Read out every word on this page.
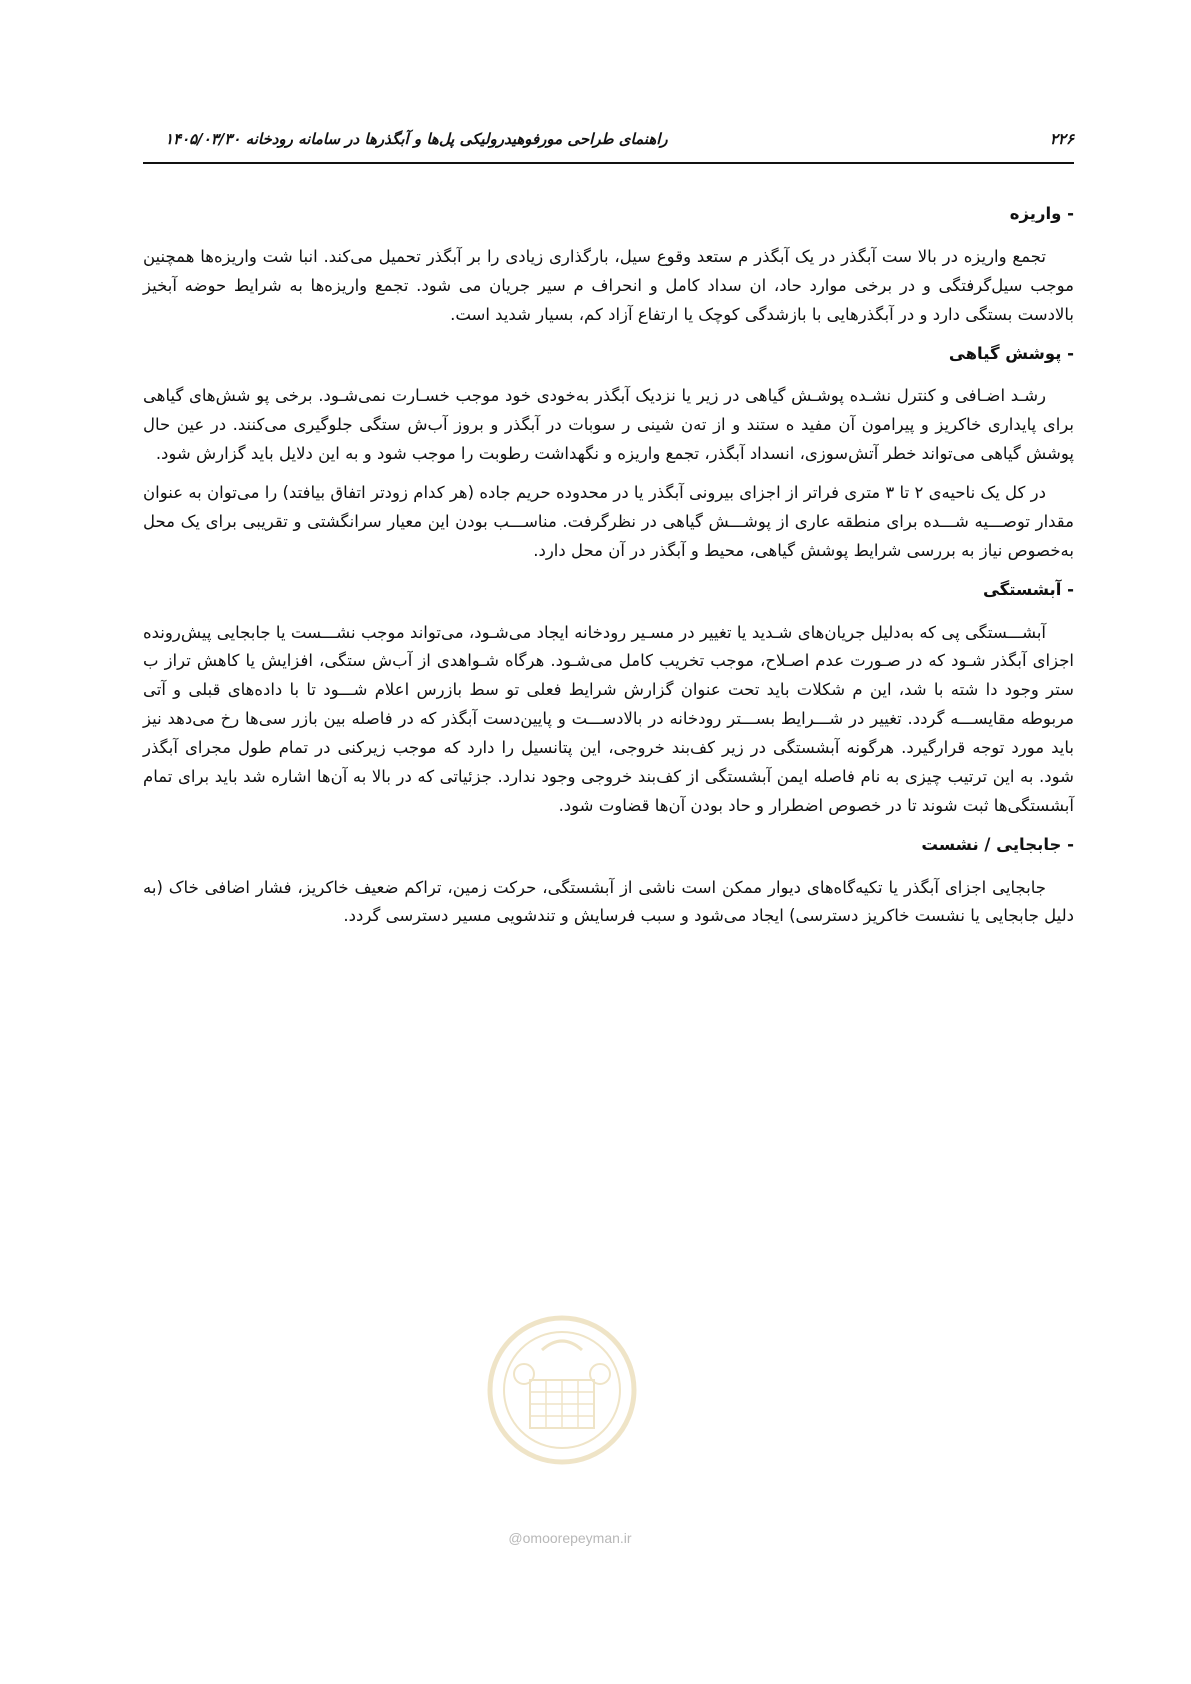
۲۲۶
راهنمای طراحی مورفوهیدرولیکی پل‌ها و آبگذرها در سامانه رودخانه ۱۴۰۵/۰۳/۳۰
- واریزه

تجمع واریزه در بالا ست آبگذر در یک آبگذر م ستعد وقوع سیل، بارگذاری زیادی را بر آبگذر تحمیل می‌کند. انبا شت واریزه‌ها همچنین موجب سیل‌گرفتگی و در برخی موارد حاد، ان سداد کامل و انحراف م سیر جریان می شود. تجمع واریزه‌ها به شرایط حوضه آبخیز بالادست بستگی دارد و در آبگذرهایی با بازشدگی کوچک یا ارتفاع آزاد کم، بسیار شدید است.

- پوشش گیاهی

رشـد اضـافی و کنترل نشـده پوشـش گیاهی در زیر یا نزدیک آبگذر به‌خودی خود موجب خسـارت نمی‌شـود. برخی پو شش‌های گیاهی برای پایداری خاکریز و پیرامون آن مفید ه ستند و از ته‌ن شینی ر سوبات در آبگذر و بروز آب‌ش ستگی جلوگیری می‌کنند. در عین حال پوشش گیاهی می‌تواند خطر آتش‌سوزی، انسداد آبگذر، تجمع واریزه و نگهداشت رطوبت را موجب شود و به این دلایل باید گزارش شود.

در کل یک ناحیه‌ی ۲ تا ۳ متری فراتر از اجزای بیرونی آبگذر یا در محدوده حریم جاده (هر کدام زودتر اتفاق بیافتد) را می‌توان به عنوان مقدار توصـــیه شـــده برای منطقه عاری از پوشـــش گیاهی در نظرگرفت. مناســـب بودن این معیار سرانگشتی و تقریبی برای یک محل به‌خصوص نیاز به بررسی شرایط پوشش گیاهی، محیط و آبگذر در آن محل دارد.

- آبشستگی

آبشـــستگی پی که به‌دلیل جریان‌های شـدید یا تغییر در مسـیر رودخانه ایجاد می‌شـود، می‌تواند موجب نشـــست یا جابجایی پیش‌رونده اجزای آبگذر شـود که در صـورت عدم اصـلاح، موجب تخریب کامل می‌شـود. هرگاه شـواهدی از آب‌ش ستگی، افزایش یا کاهش تراز ب ستر وجود دا شته با شد، این م شکلات باید تحت عنوان گزارش شرایط فعلی تو سط بازرس اعلام شـــود تا با داده‌های قبلی و آتی مربوطه مقایســـه گردد. تغییر در شـــرایط بســـتر رودخانه در بالادســـت و پایین‌دست آبگذر که در فاصله بین بازر سی‌ها رخ می‌دهد نیز باید مورد توجه قرارگیرد. هرگونه آبشستگی در زیر کف‌بند خروجی، این پتانسیل را دارد که موجب زیرکنی در تمام طول مجرای آبگذر شود. به این ترتیب چیزی به نام فاصله ایمن آبشستگی از کف‌بند خروجی وجود ندارد. جزئیاتی که در بالا به آن‌ها اشاره شد باید برای تمام آبشستگی‌ها ثبت شوند تا در خصوص اضطرار و حاد بودن آن‌ها قضاوت شود.

- جابجایی / نشست

جابجایی اجزای آبگذر یا تکیه‌گاه‌های دیوار ممکن است ناشی از آبشستگی، حرکت زمین، تراکم ضعیف خاکریز، فشار اضافی خاک (به دلیل جابجایی یا نشست خاکریز دسترسی) ایجاد می‌شود و سبب فرسایش و تندشویی مسیر دسترسی گردد.

@omoorepeyman.ir
